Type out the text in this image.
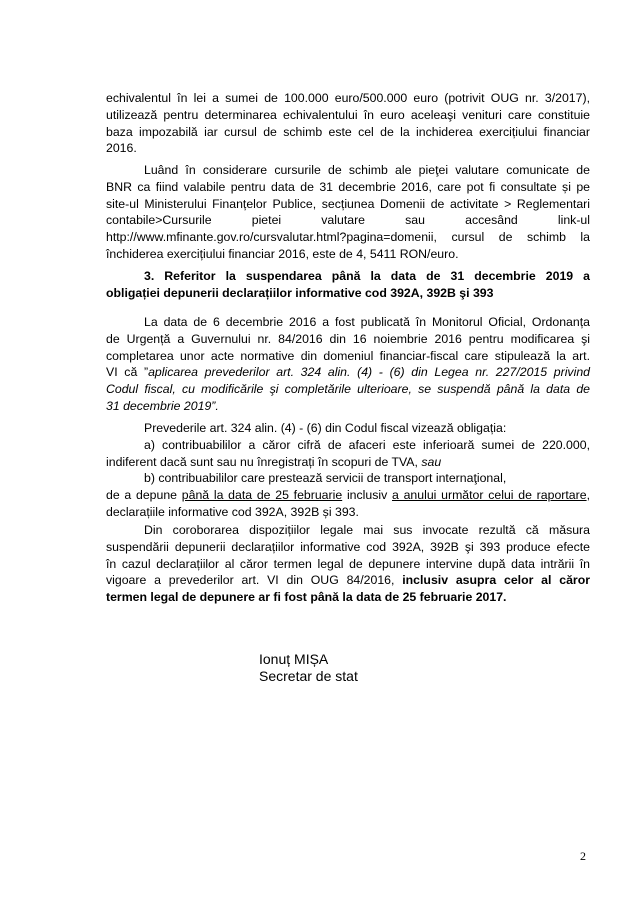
echivalentul în lei a sumei de 100.000 euro/500.000 euro (potrivit OUG nr. 3/2017),
utilizează pentru determinarea echivalentului în euro aceleaşi venituri care constituie
baza impozabilă iar cursul de schimb este cel de la inchiderea exercițiului financiar
2016.
Luând în considerare cursurile de schimb ale pieţei valutare comunicate de
BNR ca fiind valabile pentru data de 31 decembrie 2016, care pot fi consultate și pe
site-ul Ministerului Finanțelor Publice, secțiunea Domenii de activitate > Reglementari
contabile>Cursurile pietei valutare sau accesând link-ul
http://www.mfinante.gov.ro/cursvalutar.html?pagina=domenii, cursul de schimb la
închiderea exercițiului financiar 2016, este de 4, 5411 RON/euro.
3. Referitor la suspendarea până la data de 31 decembrie 2019 a
obligației depunerii declarațiilor informative cod 392A, 392B şi 393
La data de 6 decembrie 2016 a fost publicată în Monitorul Oficial, Ordonanța
de Urgență a Guvernului nr. 84/2016 din 16 noiembrie 2016 pentru modificarea şi
completarea unor acte normative din domeniul financiar-fiscal care stipulează la art.
VI că ”aplicarea prevederilor art. 324 alin. (4) - (6) din Legea nr. 227/2015 privind
Codul fiscal, cu modificările şi completările ulterioare, se suspendă până la data de
31 decembrie 2019”.
Prevederile art. 324 alin. (4) - (6) din Codul fiscal vizează obligația:
a) contribuabililor a căror cifră de afaceri este inferioară sumei de 220.000,
indiferent dacă sunt sau nu înregistrați în scopuri de TVA, sau
b) contribuabililor care prestează servicii de transport internaţional,
de a depune până la data de 25 februarie inclusiv a anului următor celui de raportare,
declarațiile informative cod 392A, 392B și 393.
Din coroborarea dispozițiilor legale mai sus invocate rezultă că măsura
suspendării depunerii declarațiilor informative cod 392A, 392B şi 393 produce efecte
în cazul declarațiilor al căror termen legal de depunere intervine după data intrării în
vigoare a prevederilor art. VI din OUG 84/2016, inclusiv asupra celor al căror
termen legal de depunere ar fi fost până la data de 25 februarie 2017.
Ionuț MIȘA
Secretar de stat
2
